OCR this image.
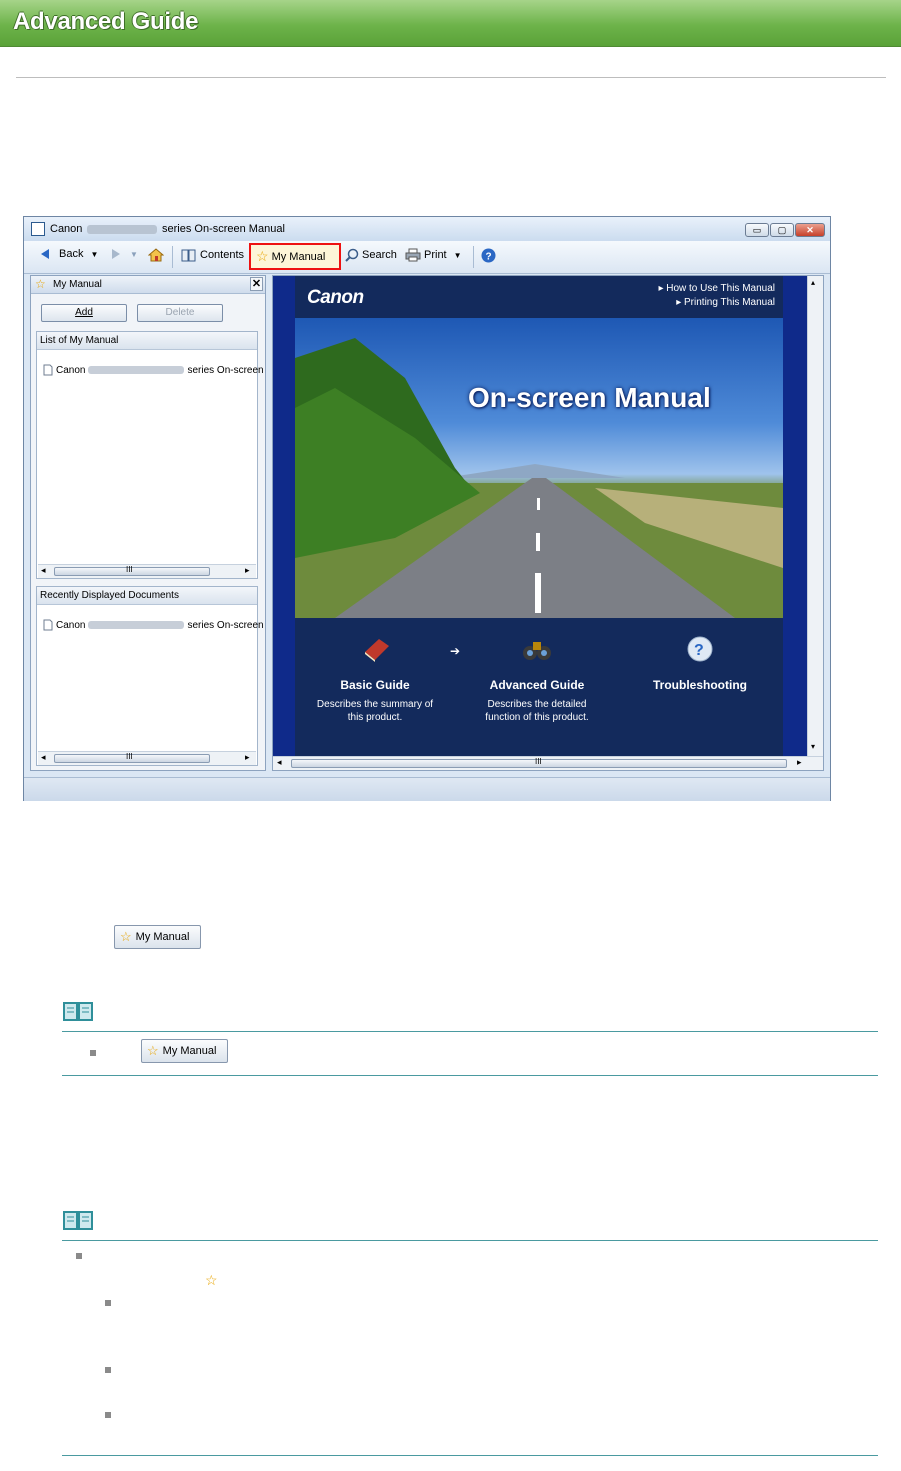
Advanced Guide
Canon	series On-screen Manual	▭	▢	✕
Back ▼	▼	Contents ☆ My Manual	Search Print ▼ ?
☆ My Manual	✕
Add	Delete
List of My Manual
Canon	series On-screen
◂	III	▸
Recently Displayed Documents
Canon	series On-screen
◂	III	▸
Canon	▸ How to Use This Manual
▸ Printing This Manual
On-screen Manual
Basic Guide
Describes the summary of
this product.
➔
Advanced Guide
Describes the detailed
function of this product.
?
Troubleshooting
▴
▾
◂	III	▸
☆ My Manual
☆ My Manual
☆
